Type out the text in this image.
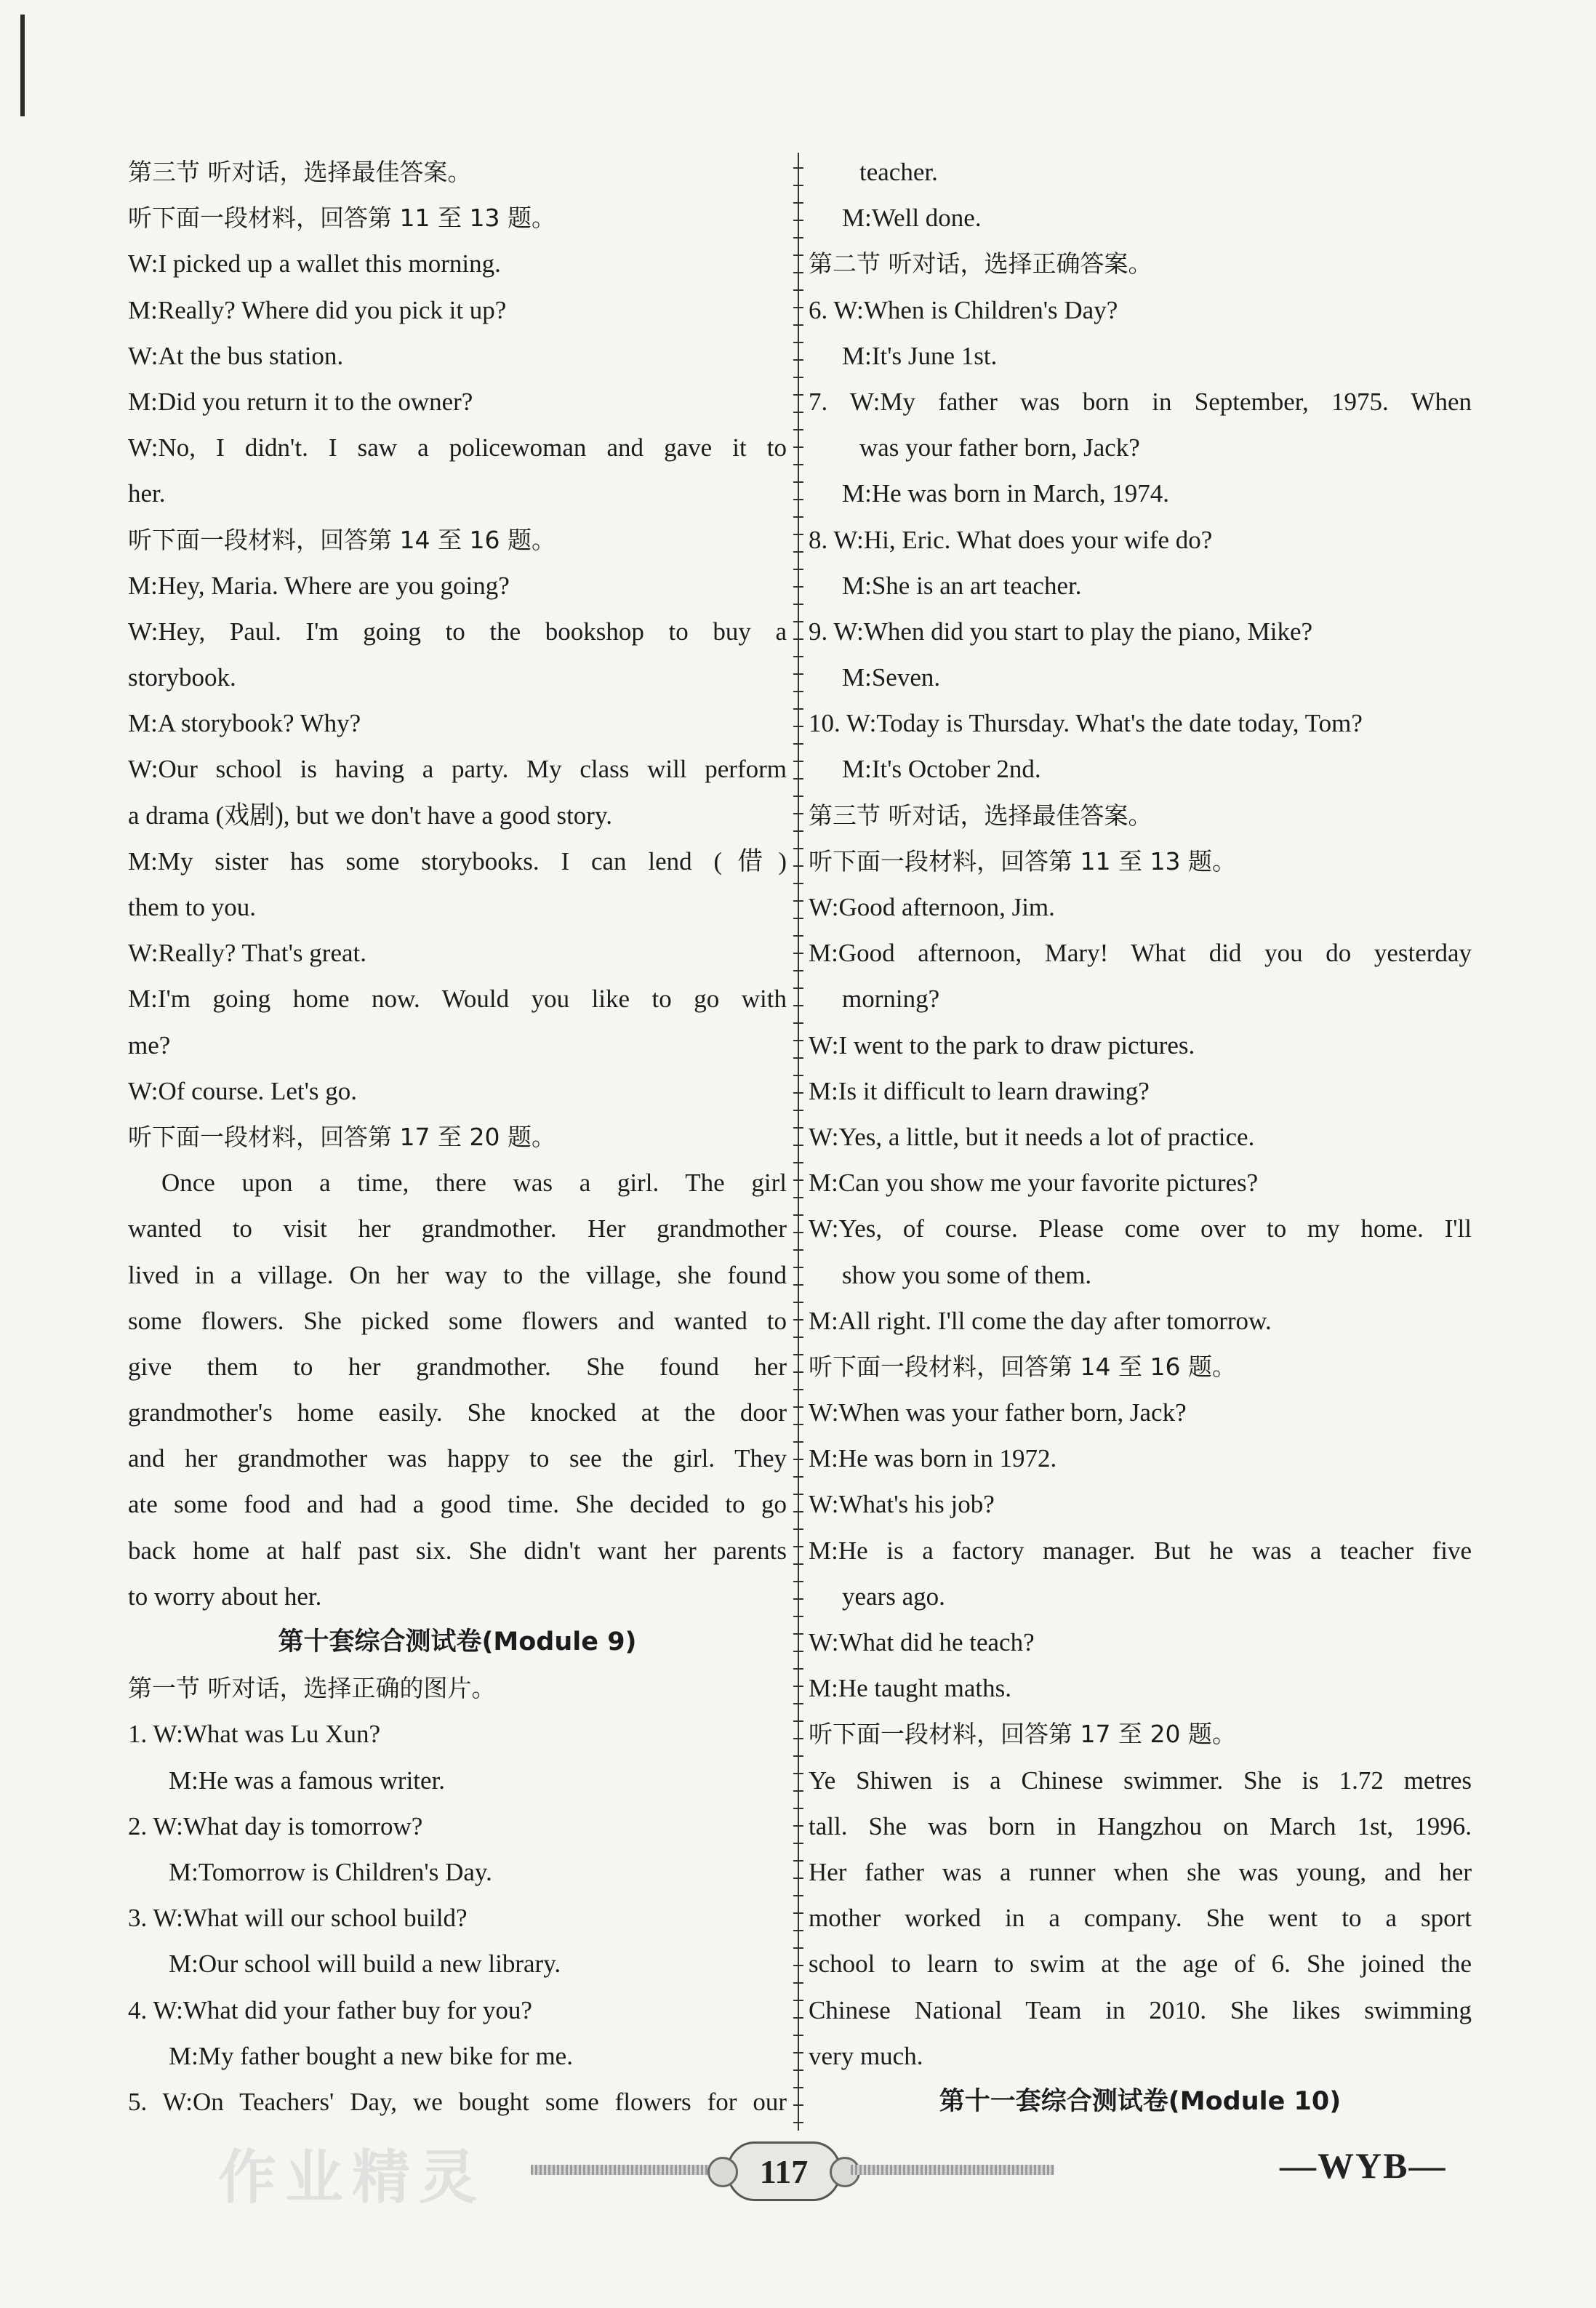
第三节 听对话，选择最佳答案。
听下面一段材料，回答第 11 至 13 题。
W:I picked up a wallet this morning.
M:Really? Where did you pick it up?
W:At the bus station.
M:Did you return it to the owner?
W:No, I didn't. I saw a policewoman and gave it to
her.
听下面一段材料，回答第 14 至 16 题。
M:Hey, Maria. Where are you going?
W:Hey, Paul. I'm going to the bookshop to buy a
storybook.
M:A storybook? Why?
W:Our school is having a party. My class will perform
a drama (戏剧), but we don't have a good story.
M:My sister has some storybooks. I can lend (借)
them to you.
W:Really? That's great.
M:I'm going home now. Would you like to go with
me?
W:Of course. Let's go.
听下面一段材料，回答第 17 至 20 题。
Once upon a time, there was a girl. The girl
wanted to visit her grandmother. Her grandmother
lived in a village. On her way to the village, she found
some flowers. She picked some flowers and wanted to
give them to her grandmother. She found her
grandmother's home easily. She knocked at the door
and her grandmother was happy to see the girl. They
ate some food and had a good time. She decided to go
back home at half past six. She didn't want her parents
to worry about her.
第十套综合测试卷(Module 9)
第一节 听对话，选择正确的图片。
1. W:What was Lu Xun?
M:He was a famous writer.
2. W:What day is tomorrow?
M:Tomorrow is Children's Day.
3. W:What will our school build?
M:Our school will build a new library.
4. W:What did your father buy for you?
M:My father bought a new bike for me.
5. W:On Teachers' Day, we bought some flowers for our
teacher.
M:Well done.
第二节 听对话，选择正确答案。
6. W:When is Children's Day?
M:It's June 1st.
7. W:My father was born in September, 1975. When
was your father born, Jack?
M:He was born in March, 1974.
8. W:Hi, Eric. What does your wife do?
M:She is an art teacher.
9. W:When did you start to play the piano, Mike?
M:Seven.
10. W:Today is Thursday. What's the date today, Tom?
M:It's October 2nd.
第三节 听对话，选择最佳答案。
听下面一段材料，回答第 11 至 13 题。
W:Good afternoon, Jim.
M:Good afternoon, Mary! What did you do yesterday
morning?
W:I went to the park to draw pictures.
M:Is it difficult to learn drawing?
W:Yes, a little, but it needs a lot of practice.
M:Can you show me your favorite pictures?
W:Yes, of course. Please come over to my home. I'll
show you some of them.
M:All right. I'll come the day after tomorrow.
听下面一段材料，回答第 14 至 16 题。
W:When was your father born, Jack?
M:He was born in 1972.
W:What's his job?
M:He is a factory manager. But he was a teacher five
years ago.
W:What did he teach?
M:He taught maths.
听下面一段材料，回答第 17 至 20 题。
Ye Shiwen is a Chinese swimmer. She is 1.72 metres
tall. She was born in Hangzhou on March 1st, 1996.
Her father was a runner when she was young, and her
mother worked in a company. She went to a sport
school to learn to swim at the age of 6. She joined the
Chinese National Team in 2010. She likes swimming
very much.
第十一套综合测试卷(Module 10)
作业精灵	117	—WYB—
